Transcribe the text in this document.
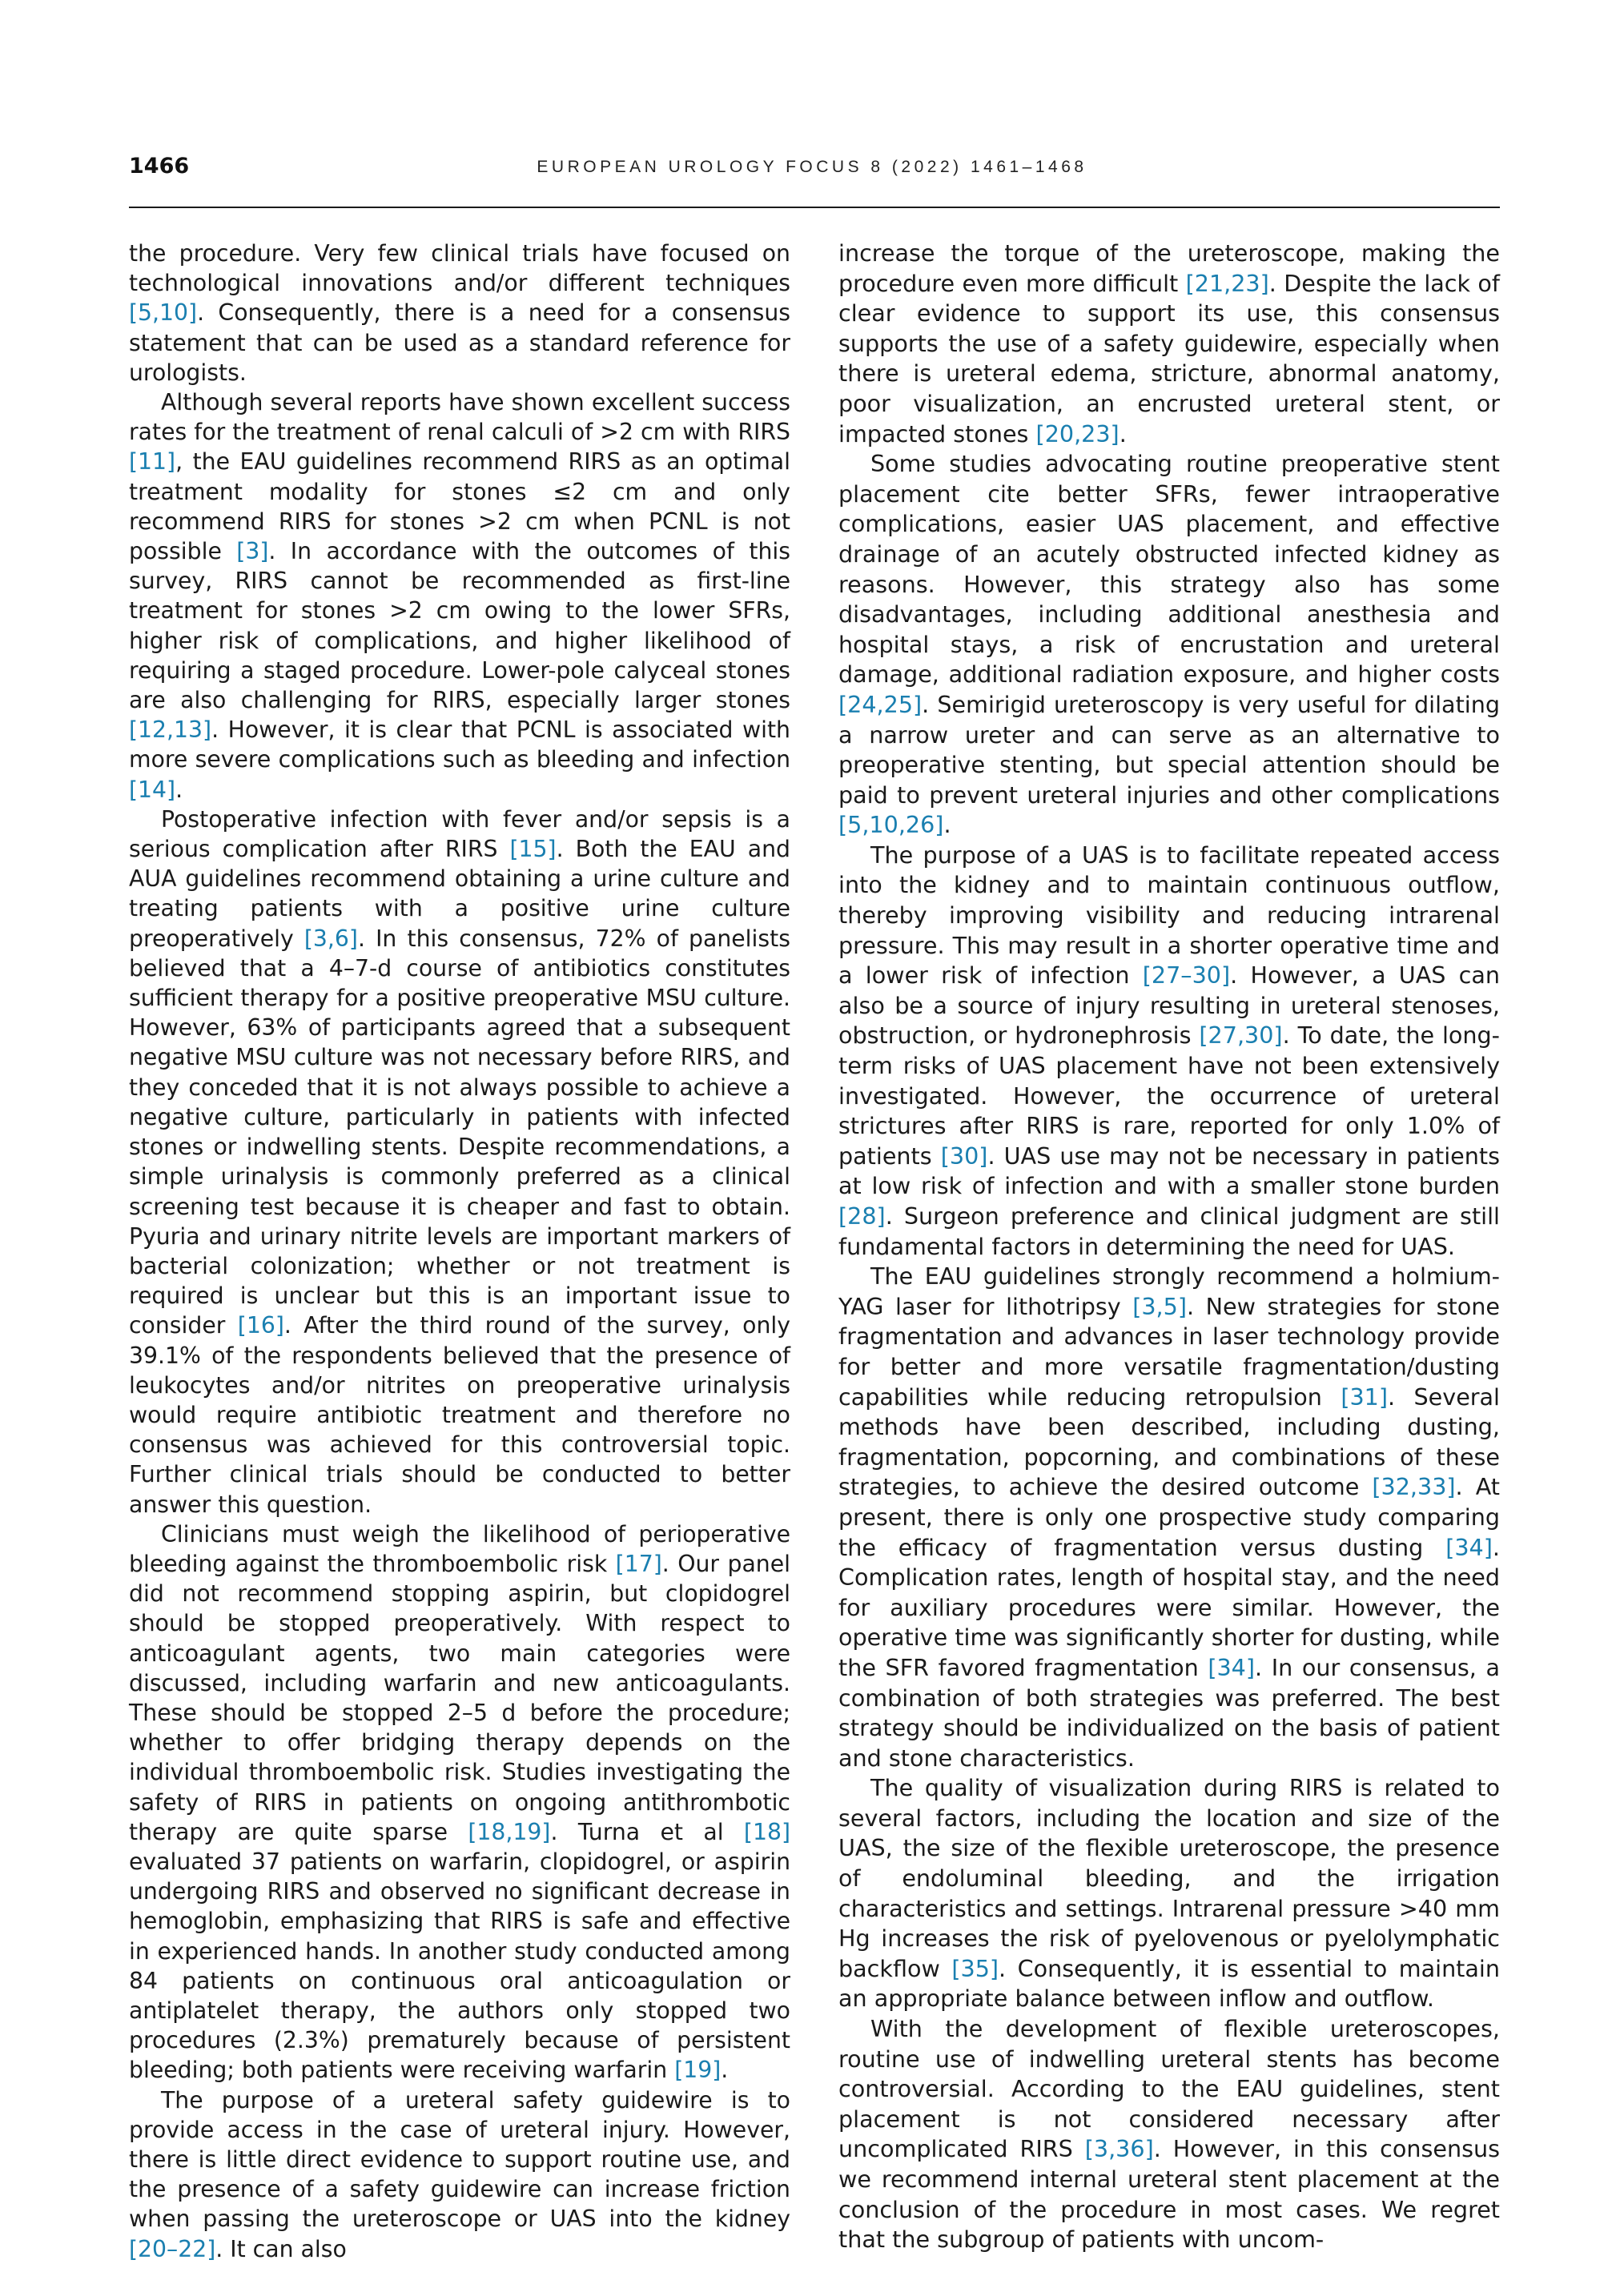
1466	EUROPEAN UROLOGY FOCUS 8 (2022) 1461–1468

the procedure. Very few clinical trials have focused on technological innovations and/or different techniques [5,10]. Consequently, there is a need for a consensus statement that can be used as a standard reference for urologists.

Although several reports have shown excellent success rates for the treatment of renal calculi of >2 cm with RIRS [11], the EAU guidelines recommend RIRS as an optimal treatment modality for stones ≤2 cm and only recommend RIRS for stones >2 cm when PCNL is not possible [3]. In accordance with the outcomes of this survey, RIRS cannot be recommended as first-line treatment for stones >2 cm owing to the lower SFRs, higher risk of complications, and higher likelihood of requiring a staged procedure. Lower-pole calyceal stones are also challenging for RIRS, especially larger stones [12,13]. However, it is clear that PCNL is associated with more severe complications such as bleeding and infection [14].

Postoperative infection with fever and/or sepsis is a serious complication after RIRS [15]. Both the EAU and AUA guidelines recommend obtaining a urine culture and treating patients with a positive urine culture preoperatively [3,6]. In this consensus, 72% of panelists believed that a 4–7-d course of antibiotics constitutes sufficient therapy for a positive preoperative MSU culture. However, 63% of participants agreed that a subsequent negative MSU culture was not necessary before RIRS, and they conceded that it is not always possible to achieve a negative culture, particularly in patients with infected stones or indwelling stents. Despite recommendations, a simple urinalysis is commonly preferred as a clinical screening test because it is cheaper and fast to obtain. Pyuria and urinary nitrite levels are important markers of bacterial colonization; whether or not treatment is required is unclear but this is an important issue to consider [16]. After the third round of the survey, only 39.1% of the respondents believed that the presence of leukocytes and/or nitrites on preoperative urinalysis would require antibiotic treatment and therefore no consensus was achieved for this controversial topic. Further clinical trials should be conducted to better answer this question.

Clinicians must weigh the likelihood of perioperative bleeding against the thromboembolic risk [17]. Our panel did not recommend stopping aspirin, but clopidogrel should be stopped preoperatively. With respect to anticoagulant agents, two main categories were discussed, including warfarin and new anticoagulants. These should be stopped 2–5 d before the procedure; whether to offer bridging therapy depends on the individual thromboembolic risk. Studies investigating the safety of RIRS in patients on ongoing antithrombotic therapy are quite sparse [18,19]. Turna et al [18] evaluated 37 patients on warfarin, clopidogrel, or aspirin undergoing RIRS and observed no significant decrease in hemoglobin, emphasizing that RIRS is safe and effective in experienced hands. In another study conducted among 84 patients on continuous oral anticoagulation or antiplatelet therapy, the authors only stopped two procedures (2.3%) prematurely because of persistent bleeding; both patients were receiving warfarin [19].

The purpose of a ureteral safety guidewire is to provide access in the case of ureteral injury. However, there is little direct evidence to support routine use, and the presence of a safety guidewire can increase friction when passing the ureteroscope or UAS into the kidney [20–22]. It can also

increase the torque of the ureteroscope, making the procedure even more difficult [21,23]. Despite the lack of clear evidence to support its use, this consensus supports the use of a safety guidewire, especially when there is ureteral edema, stricture, abnormal anatomy, poor visualization, an encrusted ureteral stent, or impacted stones [20,23].

Some studies advocating routine preoperative stent placement cite better SFRs, fewer intraoperative complications, easier UAS placement, and effective drainage of an acutely obstructed infected kidney as reasons. However, this strategy also has some disadvantages, including additional anesthesia and hospital stays, a risk of encrustation and ureteral damage, additional radiation exposure, and higher costs [24,25]. Semirigid ureteroscopy is very useful for dilating a narrow ureter and can serve as an alternative to preoperative stenting, but special attention should be paid to prevent ureteral injuries and other complications [5,10,26].

The purpose of a UAS is to facilitate repeated access into the kidney and to maintain continuous outflow, thereby improving visibility and reducing intrarenal pressure. This may result in a shorter operative time and a lower risk of infection [27–30]. However, a UAS can also be a source of injury resulting in ureteral stenoses, obstruction, or hydronephrosis [27,30]. To date, the long-term risks of UAS placement have not been extensively investigated. However, the occurrence of ureteral strictures after RIRS is rare, reported for only 1.0% of patients [30]. UAS use may not be necessary in patients at low risk of infection and with a smaller stone burden [28]. Surgeon preference and clinical judgment are still fundamental factors in determining the need for UAS.

The EAU guidelines strongly recommend a holmium-YAG laser for lithotripsy [3,5]. New strategies for stone fragmentation and advances in laser technology provide for better and more versatile fragmentation/dusting capabilities while reducing retropulsion [31]. Several methods have been described, including dusting, fragmentation, popcorning, and combinations of these strategies, to achieve the desired outcome [32,33]. At present, there is only one prospective study comparing the efficacy of fragmentation versus dusting [34]. Complication rates, length of hospital stay, and the need for auxiliary procedures were similar. However, the operative time was significantly shorter for dusting, while the SFR favored fragmentation [34]. In our consensus, a combination of both strategies was preferred. The best strategy should be individualized on the basis of patient and stone characteristics.

The quality of visualization during RIRS is related to several factors, including the location and size of the UAS, the size of the flexible ureteroscope, the presence of endoluminal bleeding, and the irrigation characteristics and settings. Intrarenal pressure >40 mm Hg increases the risk of pyelovenous or pyelolymphatic backflow [35]. Consequently, it is essential to maintain an appropriate balance between inflow and outflow.

With the development of flexible ureteroscopes, routine use of indwelling ureteral stents has become controversial. According to the EAU guidelines, stent placement is not considered necessary after uncomplicated RIRS [3,36]. However, in this consensus we recommend internal ureteral stent placement at the conclusion of the procedure in most cases. We regret that the subgroup of patients with uncom-
